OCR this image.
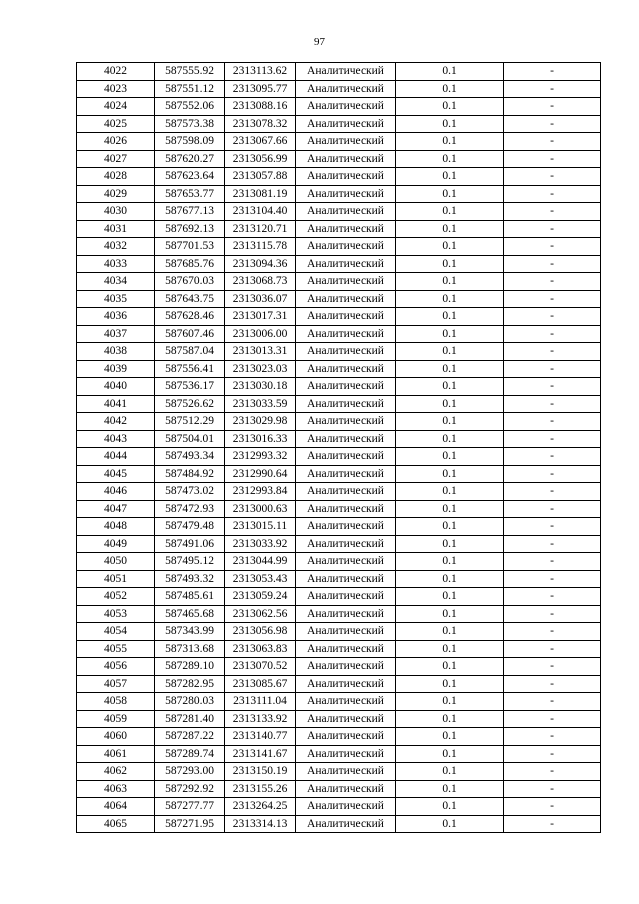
97
4022	587555.92	2313113.62	Аналитический	0.1	-
4023	587551.12	2313095.77	Аналитический	0.1	-
4024	587552.06	2313088.16	Аналитический	0.1	-
4025	587573.38	2313078.32	Аналитический	0.1	-
4026	587598.09	2313067.66	Аналитический	0.1	-
4027	587620.27	2313056.99	Аналитический	0.1	-
4028	587623.64	2313057.88	Аналитический	0.1	-
4029	587653.77	2313081.19	Аналитический	0.1	-
4030	587677.13	2313104.40	Аналитический	0.1	-
4031	587692.13	2313120.71	Аналитический	0.1	-
4032	587701.53	2313115.78	Аналитический	0.1	-
4033	587685.76	2313094.36	Аналитический	0.1	-
4034	587670.03	2313068.73	Аналитический	0.1	-
4035	587643.75	2313036.07	Аналитический	0.1	-
4036	587628.46	2313017.31	Аналитический	0.1	-
4037	587607.46	2313006.00	Аналитический	0.1	-
4038	587587.04	2313013.31	Аналитический	0.1	-
4039	587556.41	2313023.03	Аналитический	0.1	-
4040	587536.17	2313030.18	Аналитический	0.1	-
4041	587526.62	2313033.59	Аналитический	0.1	-
4042	587512.29	2313029.98	Аналитический	0.1	-
4043	587504.01	2313016.33	Аналитический	0.1	-
4044	587493.34	2312993.32	Аналитический	0.1	-
4045	587484.92	2312990.64	Аналитический	0.1	-
4046	587473.02	2312993.84	Аналитический	0.1	-
4047	587472.93	2313000.63	Аналитический	0.1	-
4048	587479.48	2313015.11	Аналитический	0.1	-
4049	587491.06	2313033.92	Аналитический	0.1	-
4050	587495.12	2313044.99	Аналитический	0.1	-
4051	587493.32	2313053.43	Аналитический	0.1	-
4052	587485.61	2313059.24	Аналитический	0.1	-
4053	587465.68	2313062.56	Аналитический	0.1	-
4054	587343.99	2313056.98	Аналитический	0.1	-
4055	587313.68	2313063.83	Аналитический	0.1	-
4056	587289.10	2313070.52	Аналитический	0.1	-
4057	587282.95	2313085.67	Аналитический	0.1	-
4058	587280.03	2313111.04	Аналитический	0.1	-
4059	587281.40	2313133.92	Аналитический	0.1	-
4060	587287.22	2313140.77	Аналитический	0.1	-
4061	587289.74	2313141.67	Аналитический	0.1	-
4062	587293.00	2313150.19	Аналитический	0.1	-
4063	587292.92	2313155.26	Аналитический	0.1	-
4064	587277.77	2313264.25	Аналитический	0.1	-
4065	587271.95	2313314.13	Аналитический	0.1	-
